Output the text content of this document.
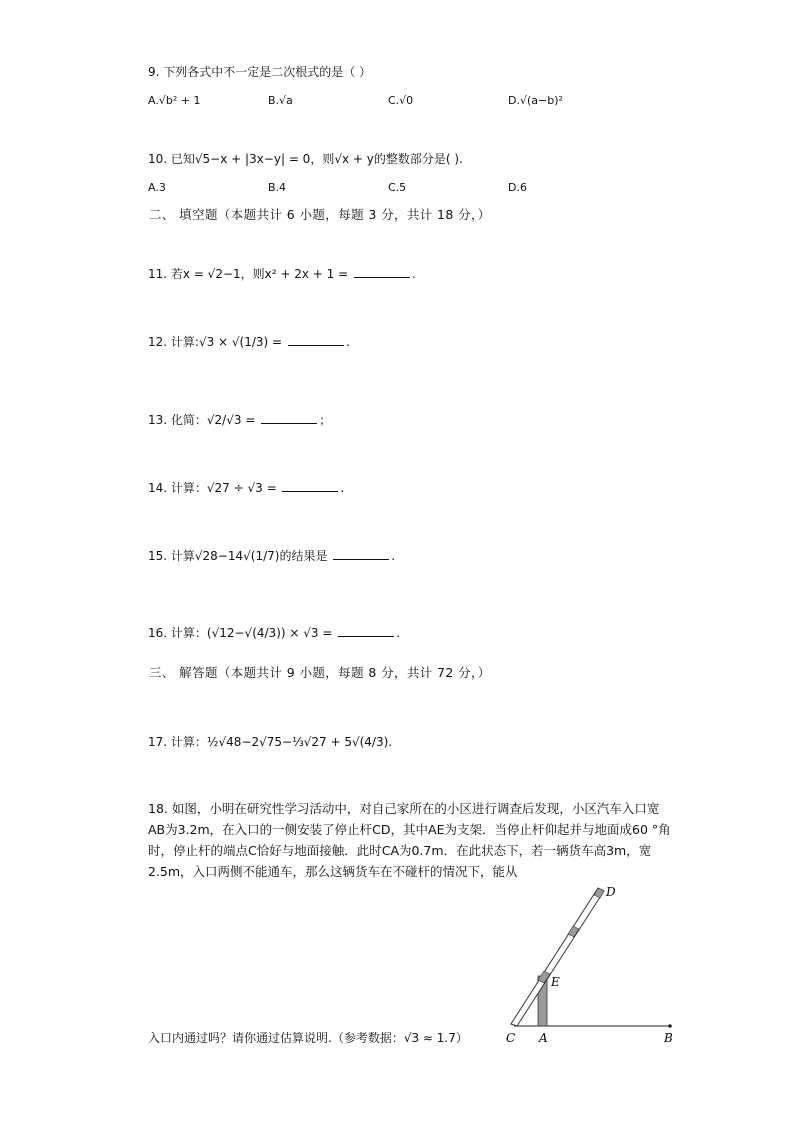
9. 下列各式中不一定是二次根式的是（ ）
A.√b² + 1	B.√a	C.√0	D.√(a−b)²
10. 已知√5−x + |3x−y| = 0，则√x + y的整数部分是( ).
A.3	B.4	C.5	D.6
二、 填空题（本题共计 6 小题，每题 3 分，共计 18 分，）
11. 若x = √2−1，则x² + 2x + 1 =	.
12. 计算:√3 × √(1/3) =	.
13. 化简：√2/√3 =	；
14. 计算：√27 ÷ √3 =	.
15. 计算√28−14√(1/7)的结果是	.
16. 计算：(√12−√(4/3)) × √3 =	.
三、 解答题（本题共计 9 小题，每题 8 分，共计 72 分，）
17. 计算：½√48−2√75−⅓√27 + 5√(4/3).
18. 如图，小明在研究性学习活动中，对自己家所在的小区进行调查后发现，小区汽车入口宽AB为3.2m，在入口的一侧安装了停止杆CD，其中AE为支架．当停止杆仰起并与地面成60 °角时，停止杆的端点C恰好与地面接触．此时CA为0.7m．在此状态下，若一辆货车高3m，宽2.5m，入口两侧不能通车，那么这辆货车在不碰杆的情况下，能从
入口内通过吗？请你通过估算说明.（参考数据：√3 ≈ 1.7）	C A	B
D
E
